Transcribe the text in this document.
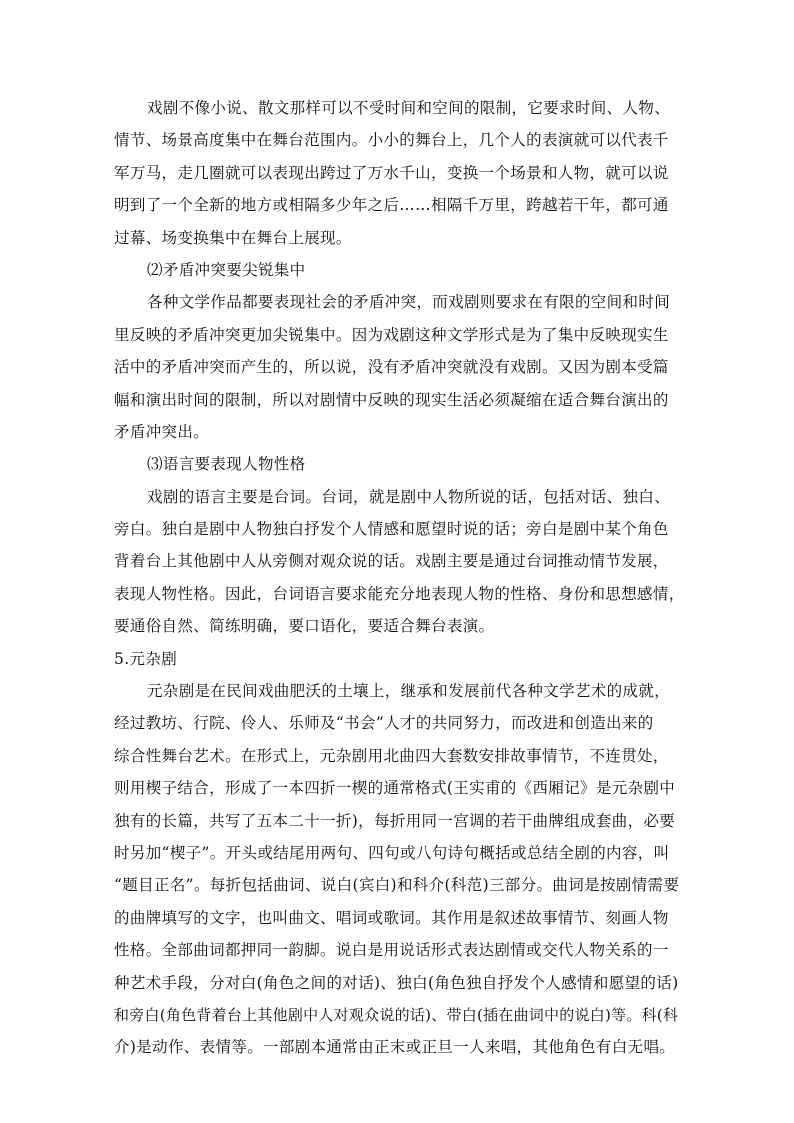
戏剧不像小说、散文那样可以不受时间和空间的限制，它要求时间、人物、
情节、场景高度集中在舞台范围内。小小的舞台上，几个人的表演就可以代表千
军万马，走几圈就可以表现出跨过了万水千山，变换一个场景和人物，就可以说
明到了一个全新的地方或相隔多少年之后……相隔千万里，跨越若干年，都可通
过幕、场变换集中在舞台上展现。
⑵矛盾冲突要尖锐集中
各种文学作品都要表现社会的矛盾冲突，而戏剧则要求在有限的空间和时间
里反映的矛盾冲突更加尖锐集中。因为戏剧这种文学形式是为了集中反映现实生
活中的矛盾冲突而产生的，所以说，没有矛盾冲突就没有戏剧。又因为剧本受篇
幅和演出时间的限制，所以对剧情中反映的现实生活必须凝缩在适合舞台演出的
矛盾冲突出。
⑶语言要表现人物性格
戏剧的语言主要是台词。台词，就是剧中人物所说的话，包括对话、独白、
旁白。独白是剧中人物独白抒发个人情感和愿望时说的话；旁白是剧中某个角色
背着台上其他剧中人从旁侧对观众说的话。戏剧主要是通过台词推动情节发展，
表现人物性格。因此，台词语言要求能充分地表现人物的性格、身份和思想感情，
要通俗自然、简练明确，要口语化，要适合舞台表演。
5.元杂剧
元杂剧是在民间戏曲肥沃的土壤上，继承和发展前代各种文学艺术的成就，
经过教坊、行院、伶人、乐师及“书会”人才的共同努力，而改进和创造出来的
综合性舞台艺术。在形式上，元杂剧用北曲四大套数安排故事情节，不连贯处，
则用楔子结合，形成了一本四折一楔的通常格式(王实甫的《西厢记》是元杂剧中
独有的长篇，共写了五本二十一折)，每折用同一宫调的若干曲牌组成套曲，必要
时另加“楔子”。开头或结尾用两句、四句或八句诗句概括或总结全剧的内容，叫
“题目正名”。每折包括曲词、说白(宾白)和科介(科范)三部分。曲词是按剧情需要
的曲牌填写的文字，也叫曲文、唱词或歌词。其作用是叙述故事情节、刻画人物
性格。全部曲词都押同一韵脚。说白是用说话形式表达剧情或交代人物关系的一
种艺术手段，分对白(角色之间的对话)、独白(角色独自抒发个人感情和愿望的话)
和旁白(角色背着台上其他剧中人对观众说的话)、带白(插在曲词中的说白)等。科(科
介)是动作、表情等。一部剧本通常由正末或正旦一人来唱，其他角色有白无唱。
